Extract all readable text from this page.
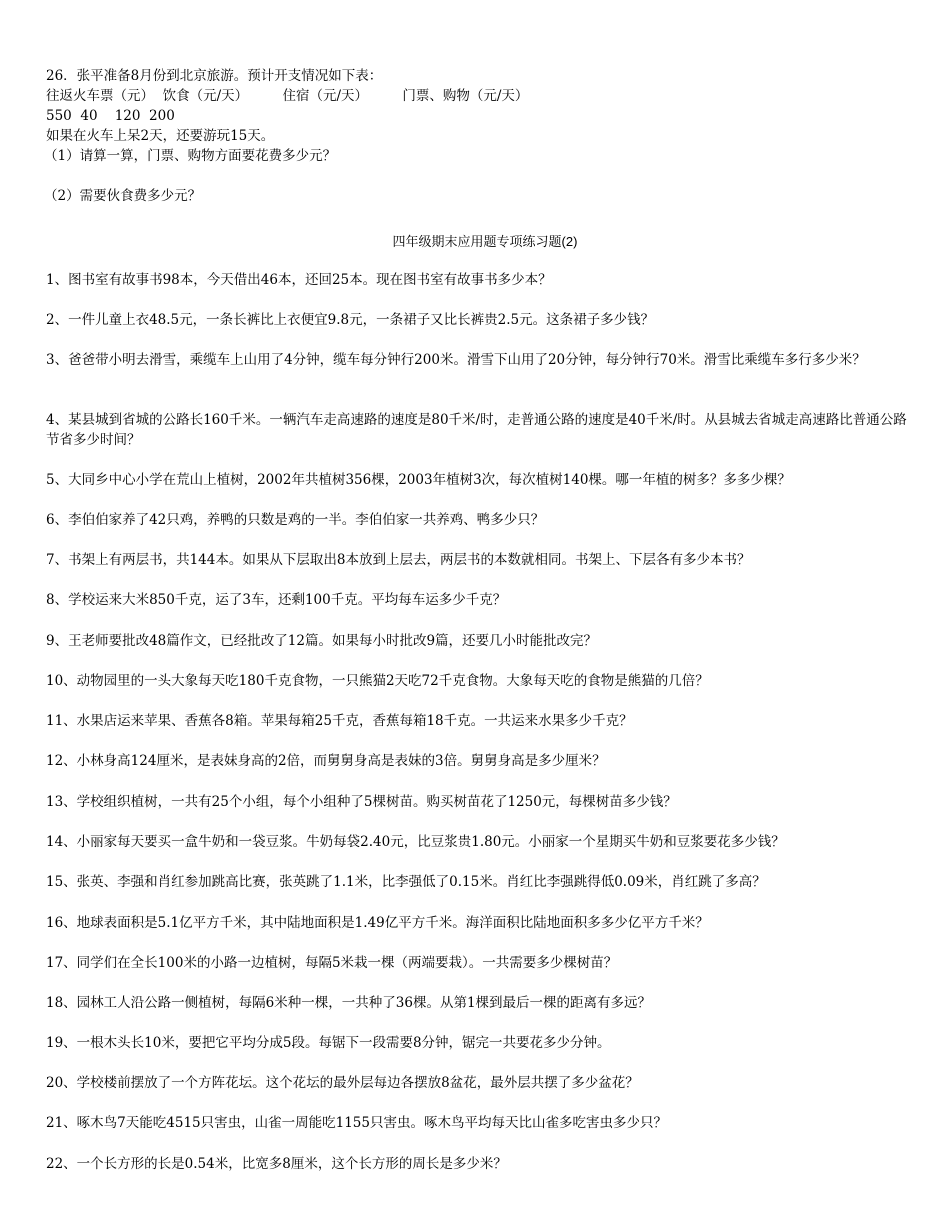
26．张平准备8月份到北京旅游。预计开支情况如下表：
往返火车票（元）  饮食（元/天）        住宿（元/天）        门票、购物（元/天）
550  40    120  200
如果在火车上呆2天，还要游玩15天。
（1）请算一算，门票、购物方面要花费多少元？
（2）需要伙食费多少元？
四年级期末应用题专项练习题(2)
1、图书室有故事书98本，今天借出46本，还回25本。现在图书室有故事书多少本？
2、一件儿童上衣48.5元，一条长裤比上衣便宜9.8元，一条裙子又比长裤贵2.5元。这条裙子多少钱？
3、爸爸带小明去滑雪，乘缆车上山用了4分钟，缆车每分钟行200米。滑雪下山用了20分钟，每分钟行70米。滑雪比乘缆车多行多少米？
4、某县城到省城的公路长160千米。一辆汽车走高速路的速度是80千米/时，走普通公路的速度是40千米/时。从县城去省城走高速路比普通公路节省多少时间？
5、大同乡中心小学在荒山上植树，2002年共植树356棵，2003年植树3次，每次植树140棵。哪一年植的树多？多多少棵？
6、李伯伯家养了42只鸡，养鸭的只数是鸡的一半。李伯伯家一共养鸡、鸭多少只？
7、书架上有两层书，共144本。如果从下层取出8本放到上层去，两层书的本数就相同。书架上、下层各有多少本书？
8、学校运来大米850千克，运了3车，还剩100千克。平均每车运多少千克？
9、王老师要批改48篇作文，已经批改了12篇。如果每小时批改9篇，还要几小时能批改完？
10、动物园里的一头大象每天吃180千克食物，一只熊猫2天吃72千克食物。大象每天吃的食物是熊猫的几倍？
11、水果店运来苹果、香蕉各8箱。苹果每箱25千克，香蕉每箱18千克。一共运来水果多少千克？
12、小林身高124厘米，是表妹身高的2倍，而舅舅身高是表妹的3倍。舅舅身高是多少厘米？
13、学校组织植树，一共有25个小组，每个小组种了5棵树苗。购买树苗花了1250元，每棵树苗多少钱？
14、小丽家每天要买一盒牛奶和一袋豆浆。牛奶每袋2.40元，比豆浆贵1.80元。小丽家一个星期买牛奶和豆浆要花多少钱？
15、张英、李强和肖红参加跳高比赛，张英跳了1.1米，比李强低了0.15米。肖红比李强跳得低0.09米，肖红跳了多高？
16、地球表面积是5.1亿平方千米，其中陆地面积是1.49亿平方千米。海洋面积比陆地面积多多少亿平方千米？
17、同学们在全长100米的小路一边植树，每隔5米栽一棵（两端要栽）。一共需要多少棵树苗？
18、园林工人沿公路一侧植树，每隔6米种一棵，一共种了36棵。从第1棵到最后一棵的距离有多远？
19、一根木头长10米，要把它平均分成5段。每锯下一段需要8分钟，锯完一共要花多少分钟。
20、学校楼前摆放了一个方阵花坛。这个花坛的最外层每边各摆放8盆花，最外层共摆了多少盆花？
21、啄木鸟7天能吃4515只害虫，山雀一周能吃1155只害虫。啄木鸟平均每天比山雀多吃害虫多少只？
22、一个长方形的长是0.54米，比宽多8厘米，这个长方形的周长是多少米？
